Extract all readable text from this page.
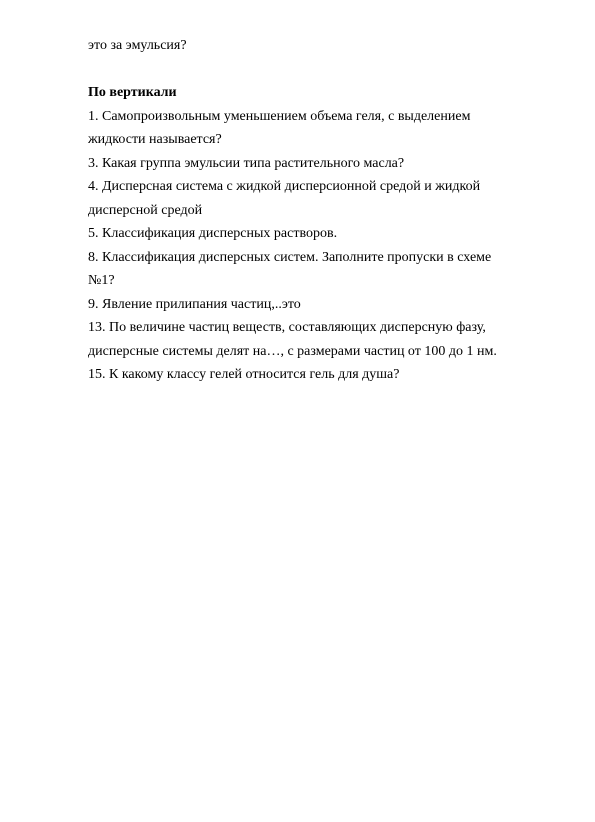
это за эмульсия?
По вертикали
1. Самопроизвольным уменьшением объема геля, с выделением
жидкости называется?
3. Какая группа эмульсии типа растительного масла?
4. Дисперсная система с жидкой дисперсионной средой и жидкой
дисперсной средой
5. Классификация дисперсных растворов.
8. Классификация дисперсных систем. Заполните пропуски в схеме
№1?
9. Явление прилипания частиц,..это
13. По величине частиц веществ, составляющих дисперсную фазу,
дисперсные системы делят на…, с размерами частиц от 100 до 1 нм.
15. К какому классу гелей относится гель для душа?
